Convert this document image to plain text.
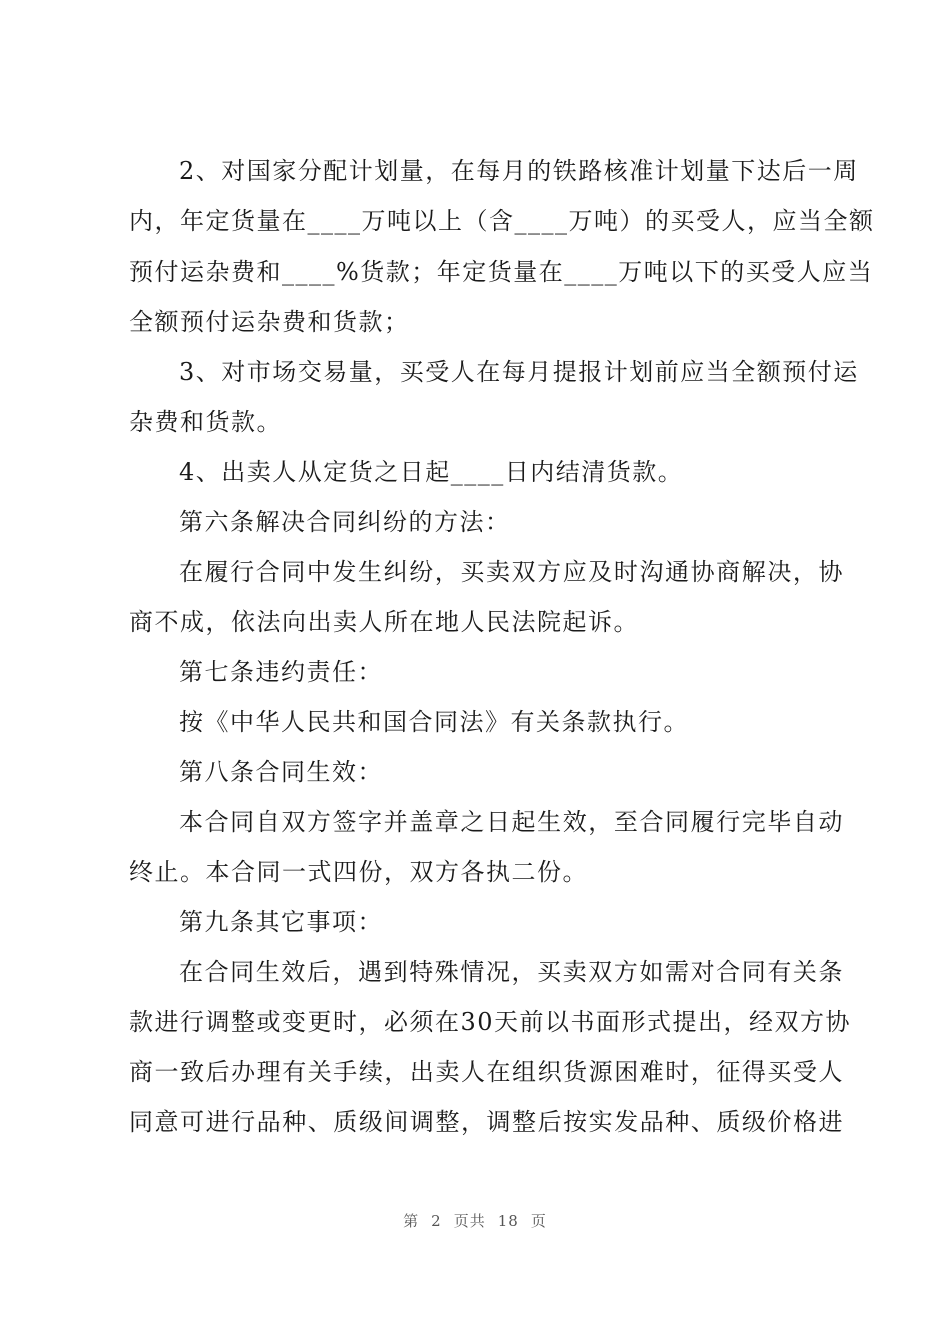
2、对国家分配计划量，在每月的铁路核准计划量下达后一周
内，年定货量在____万吨以上（含____万吨）的买受人，应当全额
预付运杂费和____%货款；年定货量在____万吨以下的买受人应当
全额预付运杂费和货款；
3、对市场交易量，买受人在每月提报计划前应当全额预付运
杂费和货款。
4、出卖人从定货之日起____日内结清货款。
第六条解决合同纠纷的方法：
在履行合同中发生纠纷，买卖双方应及时沟通协商解决，协
商不成，依法向出卖人所在地人民法院起诉。
第七条违约责任：
按《中华人民共和国合同法》有关条款执行。
第八条合同生效：
本合同自双方签字并盖章之日起生效，至合同履行完毕自动
终止。本合同一式四份，双方各执二份。
第九条其它事项：
在合同生效后，遇到特殊情况，买卖双方如需对合同有关条
款进行调整或变更时，必须在30天前以书面形式提出，经双方协
商一致后办理有关手续，出卖人在组织货源困难时，征得买受人
同意可进行品种、质级间调整，调整后按实发品种、质级价格进
第 2 页共 18 页
